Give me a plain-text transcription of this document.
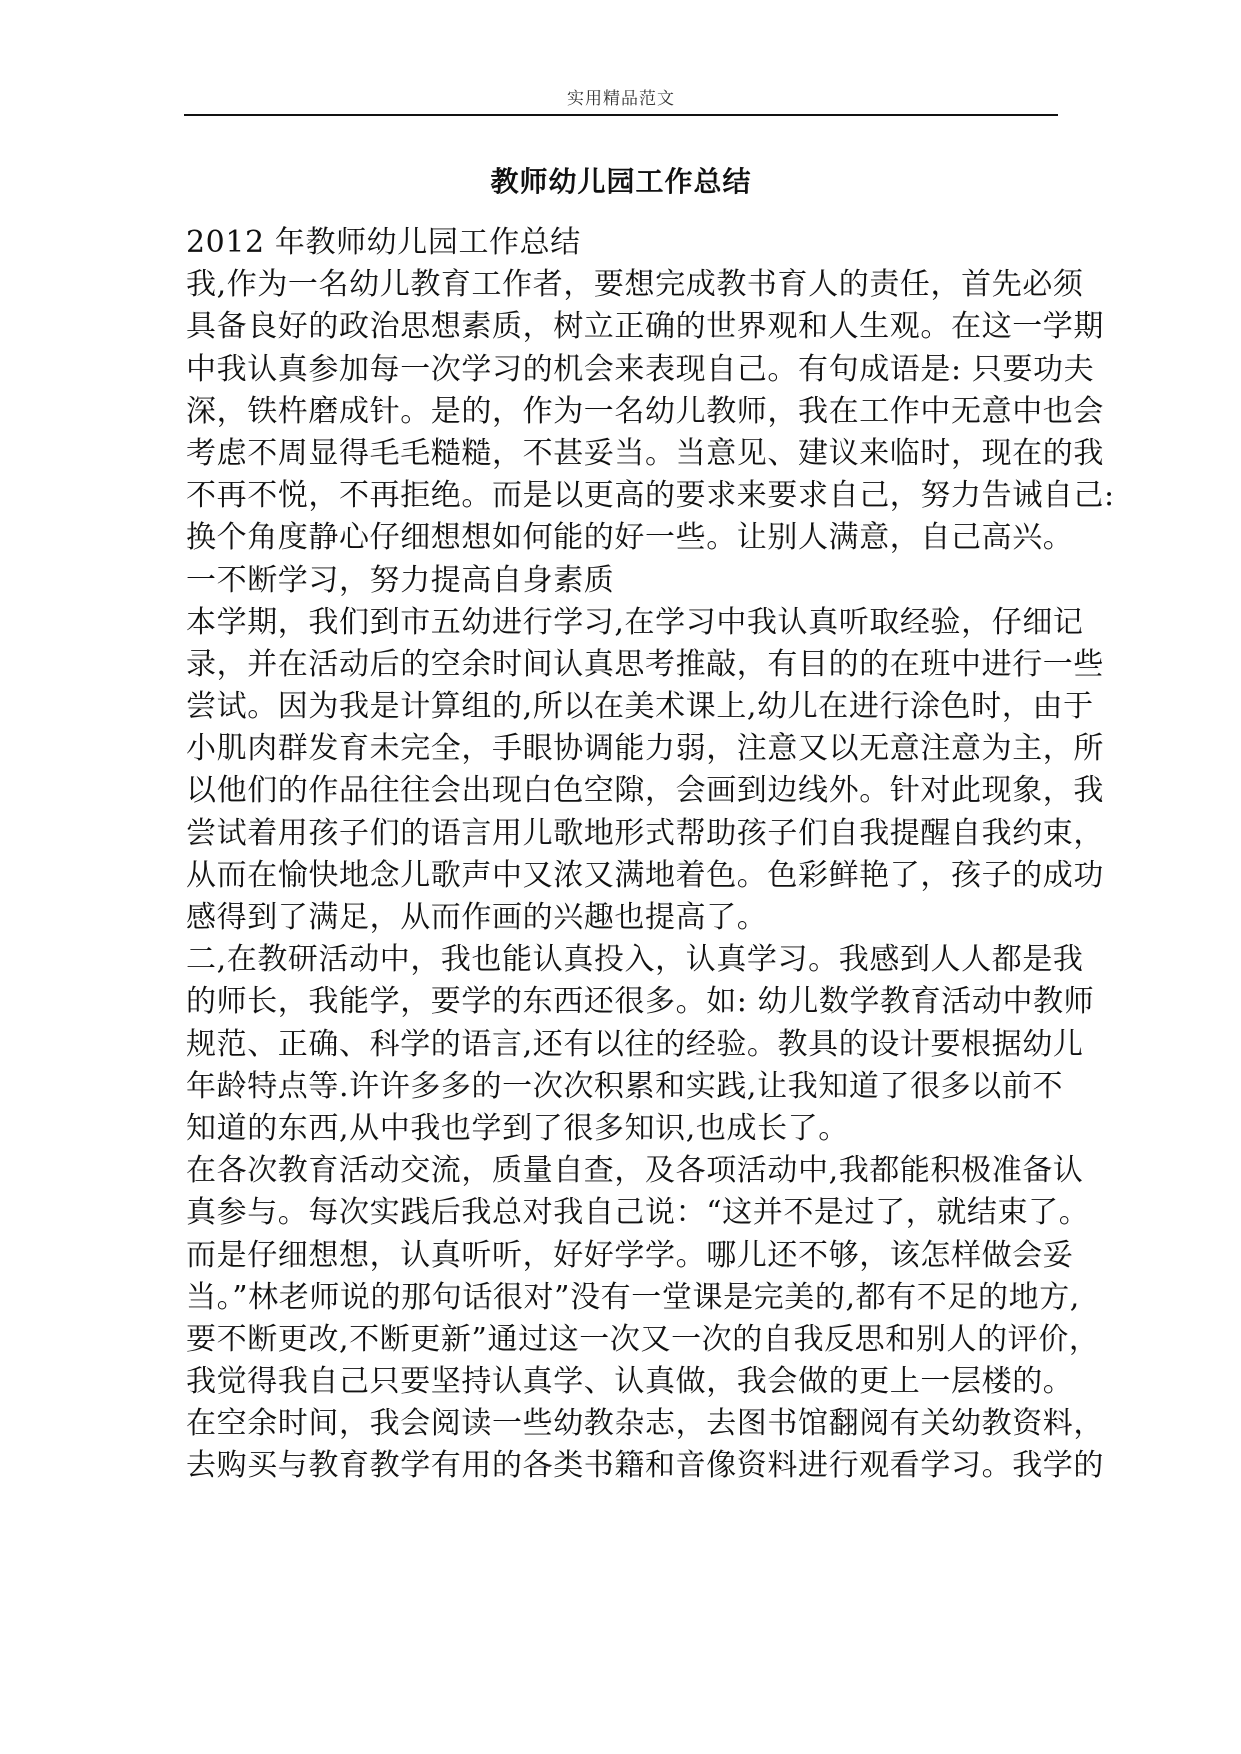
实用精品范文
教师幼儿园工作总结
2012 年教师幼儿园工作总结
我,作为一名幼儿教育工作者，要想完成教书育人的责任，首先必须
具备良好的政治思想素质，树立正确的世界观和人生观。在这一学期
中我认真参加每一次学习的机会来表现自己。有句成语是: 只要功夫
深，铁杵磨成针。是的，作为一名幼儿教师，我在工作中无意中也会
考虑不周显得毛毛糙糙，不甚妥当。当意见、建议来临时，现在的我
不再不悦，不再拒绝。而是以更高的要求来要求自己，努力告诫自己:
换个角度静心仔细想想如何能的好一些。让别人满意，自己高兴。
一不断学习，努力提高自身素质
本学期，我们到市五幼进行学习,在学习中我认真听取经验，仔细记
录，并在活动后的空余时间认真思考推敲，有目的的在班中进行一些
尝试。因为我是计算组的,所以在美术课上,幼儿在进行涂色时，由于
小肌肉群发育未完全，手眼协调能力弱，注意又以无意注意为主，所
以他们的作品往往会出现白色空隙，会画到边线外。针对此现象，我
尝试着用孩子们的语言用儿歌地形式帮助孩子们自我提醒自我约束，
从而在愉快地念儿歌声中又浓又满地着色。色彩鲜艳了，孩子的成功
感得到了满足，从而作画的兴趣也提高了。
二,在教研活动中，我也能认真投入，认真学习。我感到人人都是我
的师长，我能学，要学的东西还很多。如: 幼儿数学教育活动中教师
规范、正确、科学的语言,还有以往的经验。教具的设计要根据幼儿
年龄特点等.许许多多的一次次积累和实践,让我知道了很多以前不
知道的东西,从中我也学到了很多知识,也成长了。
在各次教育活动交流，质量自查，及各项活动中,我都能积极准备认
真参与。每次实践后我总对我自己说：“这并不是过了，就结束了。
而是仔细想想，认真听听，好好学学。哪儿还不够，该怎样做会妥
当。”林老师说的那句话很对”没有一堂课是完美的,都有不足的地方,
要不断更改,不断更新”通过这一次又一次的自我反思和别人的评价，
我觉得我自己只要坚持认真学、认真做，我会做的更上一层楼的。
在空余时间，我会阅读一些幼教杂志，去图书馆翻阅有关幼教资料，
去购买与教育教学有用的各类书籍和音像资料进行观看学习。我学的
